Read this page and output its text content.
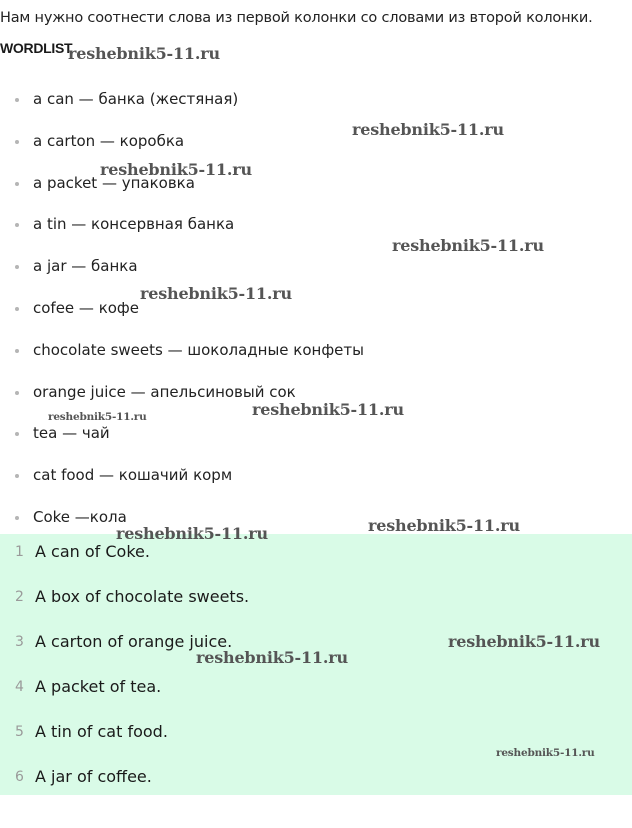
Нам нужно соотнести слова из первой колонки со словами из второй колонки.
WORDLIST
a can — банка (жестяная)
a carton — коробка
a packet — упаковка
a tin — консервная банка
a jar — банка
cofee — кофе
chocolate sweets — шоколадные конфеты
orange juice — апельсиновый сок
tea — чай
cat food — кошачий корм
Coke —кола
1 A can of Coke.
2 A box of chocolate sweets.
3 A carton of orange juice.
4 A packet of tea.
5 A tin of cat food.
6 A jar of coffee.
reshebnik5-11.ru
reshebnik5-11.ru
reshebnik5-11.ru
reshebnik5-11.ru
reshebnik5-11.ru
reshebnik5-11.ru	reshebnik5-11.ru
reshebnik5-11.ru
reshebnik5-11.ru
reshebnik5-11.ru
reshebnik5-11.ru
reshebnik5-11.ru
